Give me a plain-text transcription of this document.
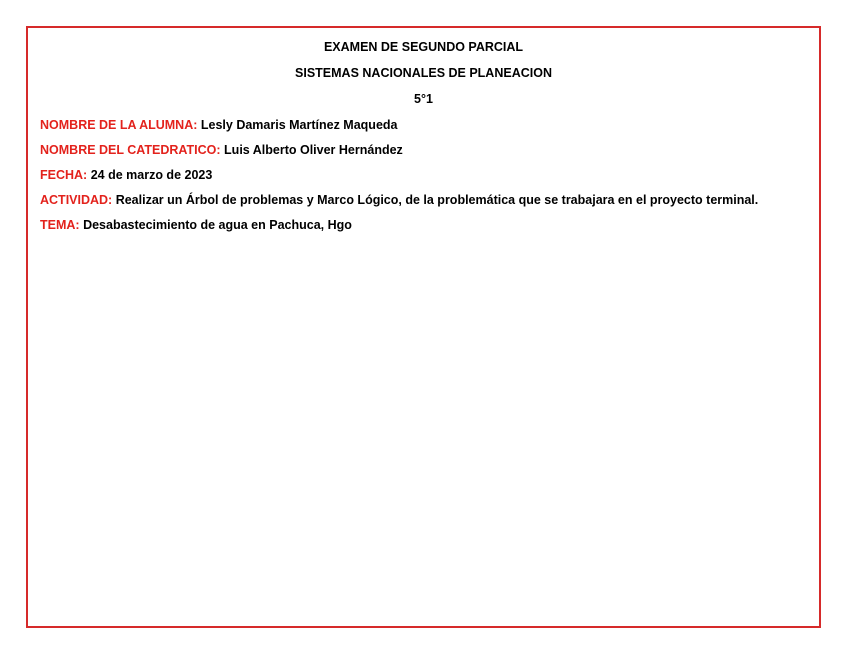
EXAMEN DE SEGUNDO PARCIAL
SISTEMAS NACIONALES DE PLANEACION
5°1
NOMBRE DE LA ALUMNA: Lesly Damaris Martínez Maqueda
NOMBRE DEL CATEDRATICO: Luis Alberto Oliver Hernández
FECHA: 24 de marzo de 2023
ACTIVIDAD: Realizar un Árbol de problemas y Marco Lógico, de la problemática que se trabajara en el proyecto terminal.
TEMA: Desabastecimiento de agua en Pachuca, Hgo
